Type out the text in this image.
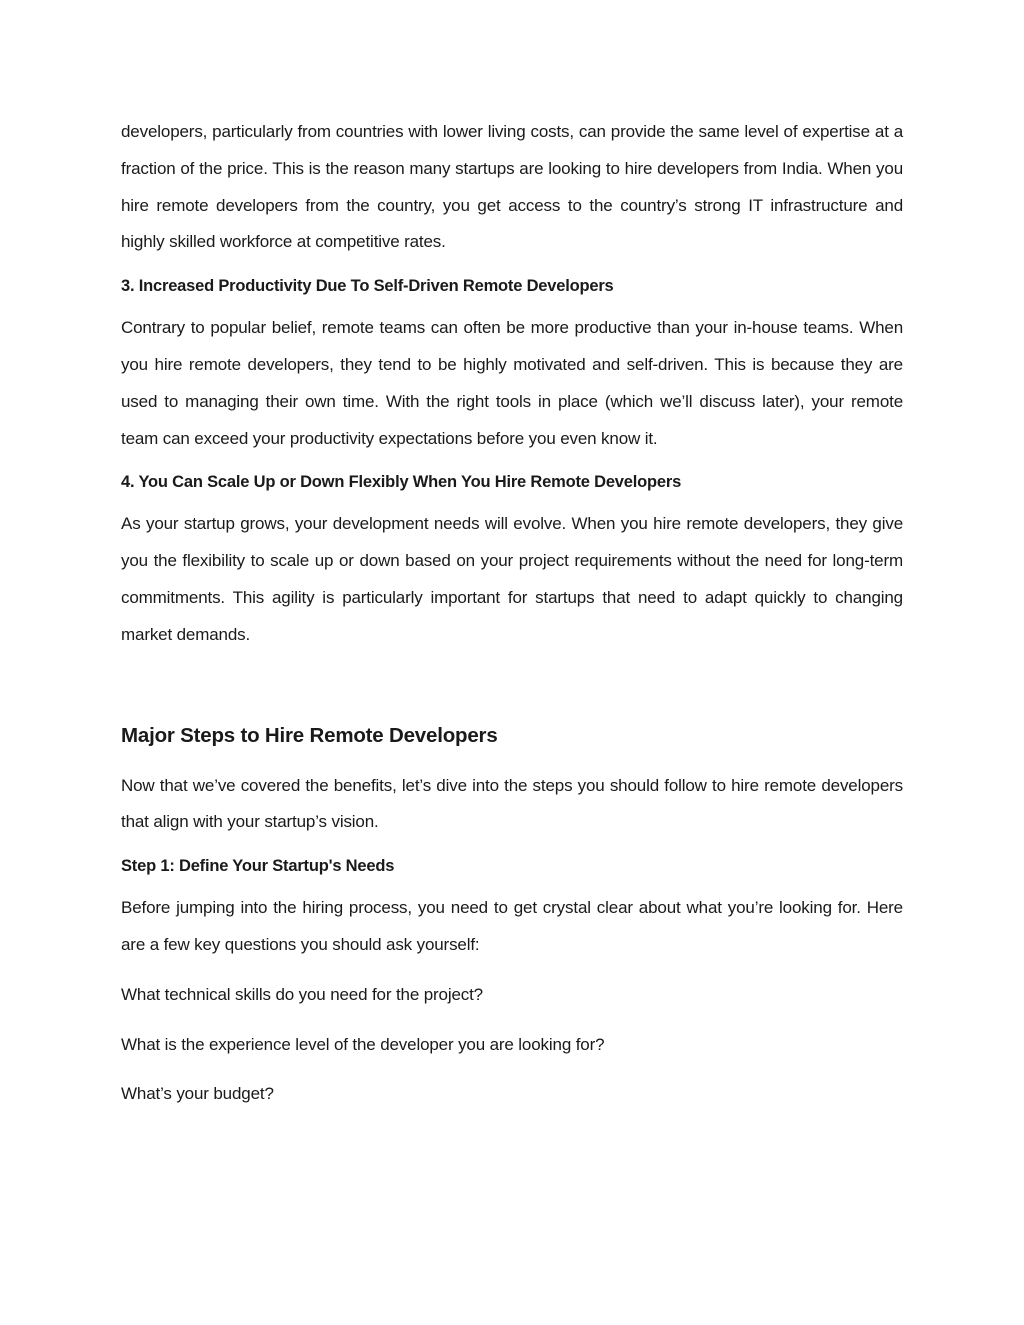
developers, particularly from countries with lower living costs, can provide the same level of expertise at a fraction of the price. This is the reason many startups are looking to hire developers from India. When you hire remote developers from the country, you get access to the country’s strong IT infrastructure and highly skilled workforce at competitive rates.

3. Increased Productivity Due To Self-Driven Remote Developers

Contrary to popular belief, remote teams can often be more productive than your in-house teams. When you hire remote developers, they tend to be highly motivated and self-driven. This is because they are used to managing their own time. With the right tools in place (which we’ll discuss later), your remote team can exceed your productivity expectations before you even know it.

4. You Can Scale Up or Down Flexibly When You Hire Remote Developers

As your startup grows, your development needs will evolve. When you hire remote developers, they give you the flexibility to scale up or down based on your project requirements without the need for long-term commitments. This agility is particularly important for startups that need to adapt quickly to changing market demands.

Major Steps to Hire Remote Developers

Now that we’ve covered the benefits, let’s dive into the steps you should follow to hire remote developers that align with your startup’s vision.

Step 1: Define Your Startup's Needs

Before jumping into the hiring process, you need to get crystal clear about what you’re looking for. Here are a few key questions you should ask yourself:

What technical skills do you need for the project?

What is the experience level of the developer you are looking for?

What’s your budget?
